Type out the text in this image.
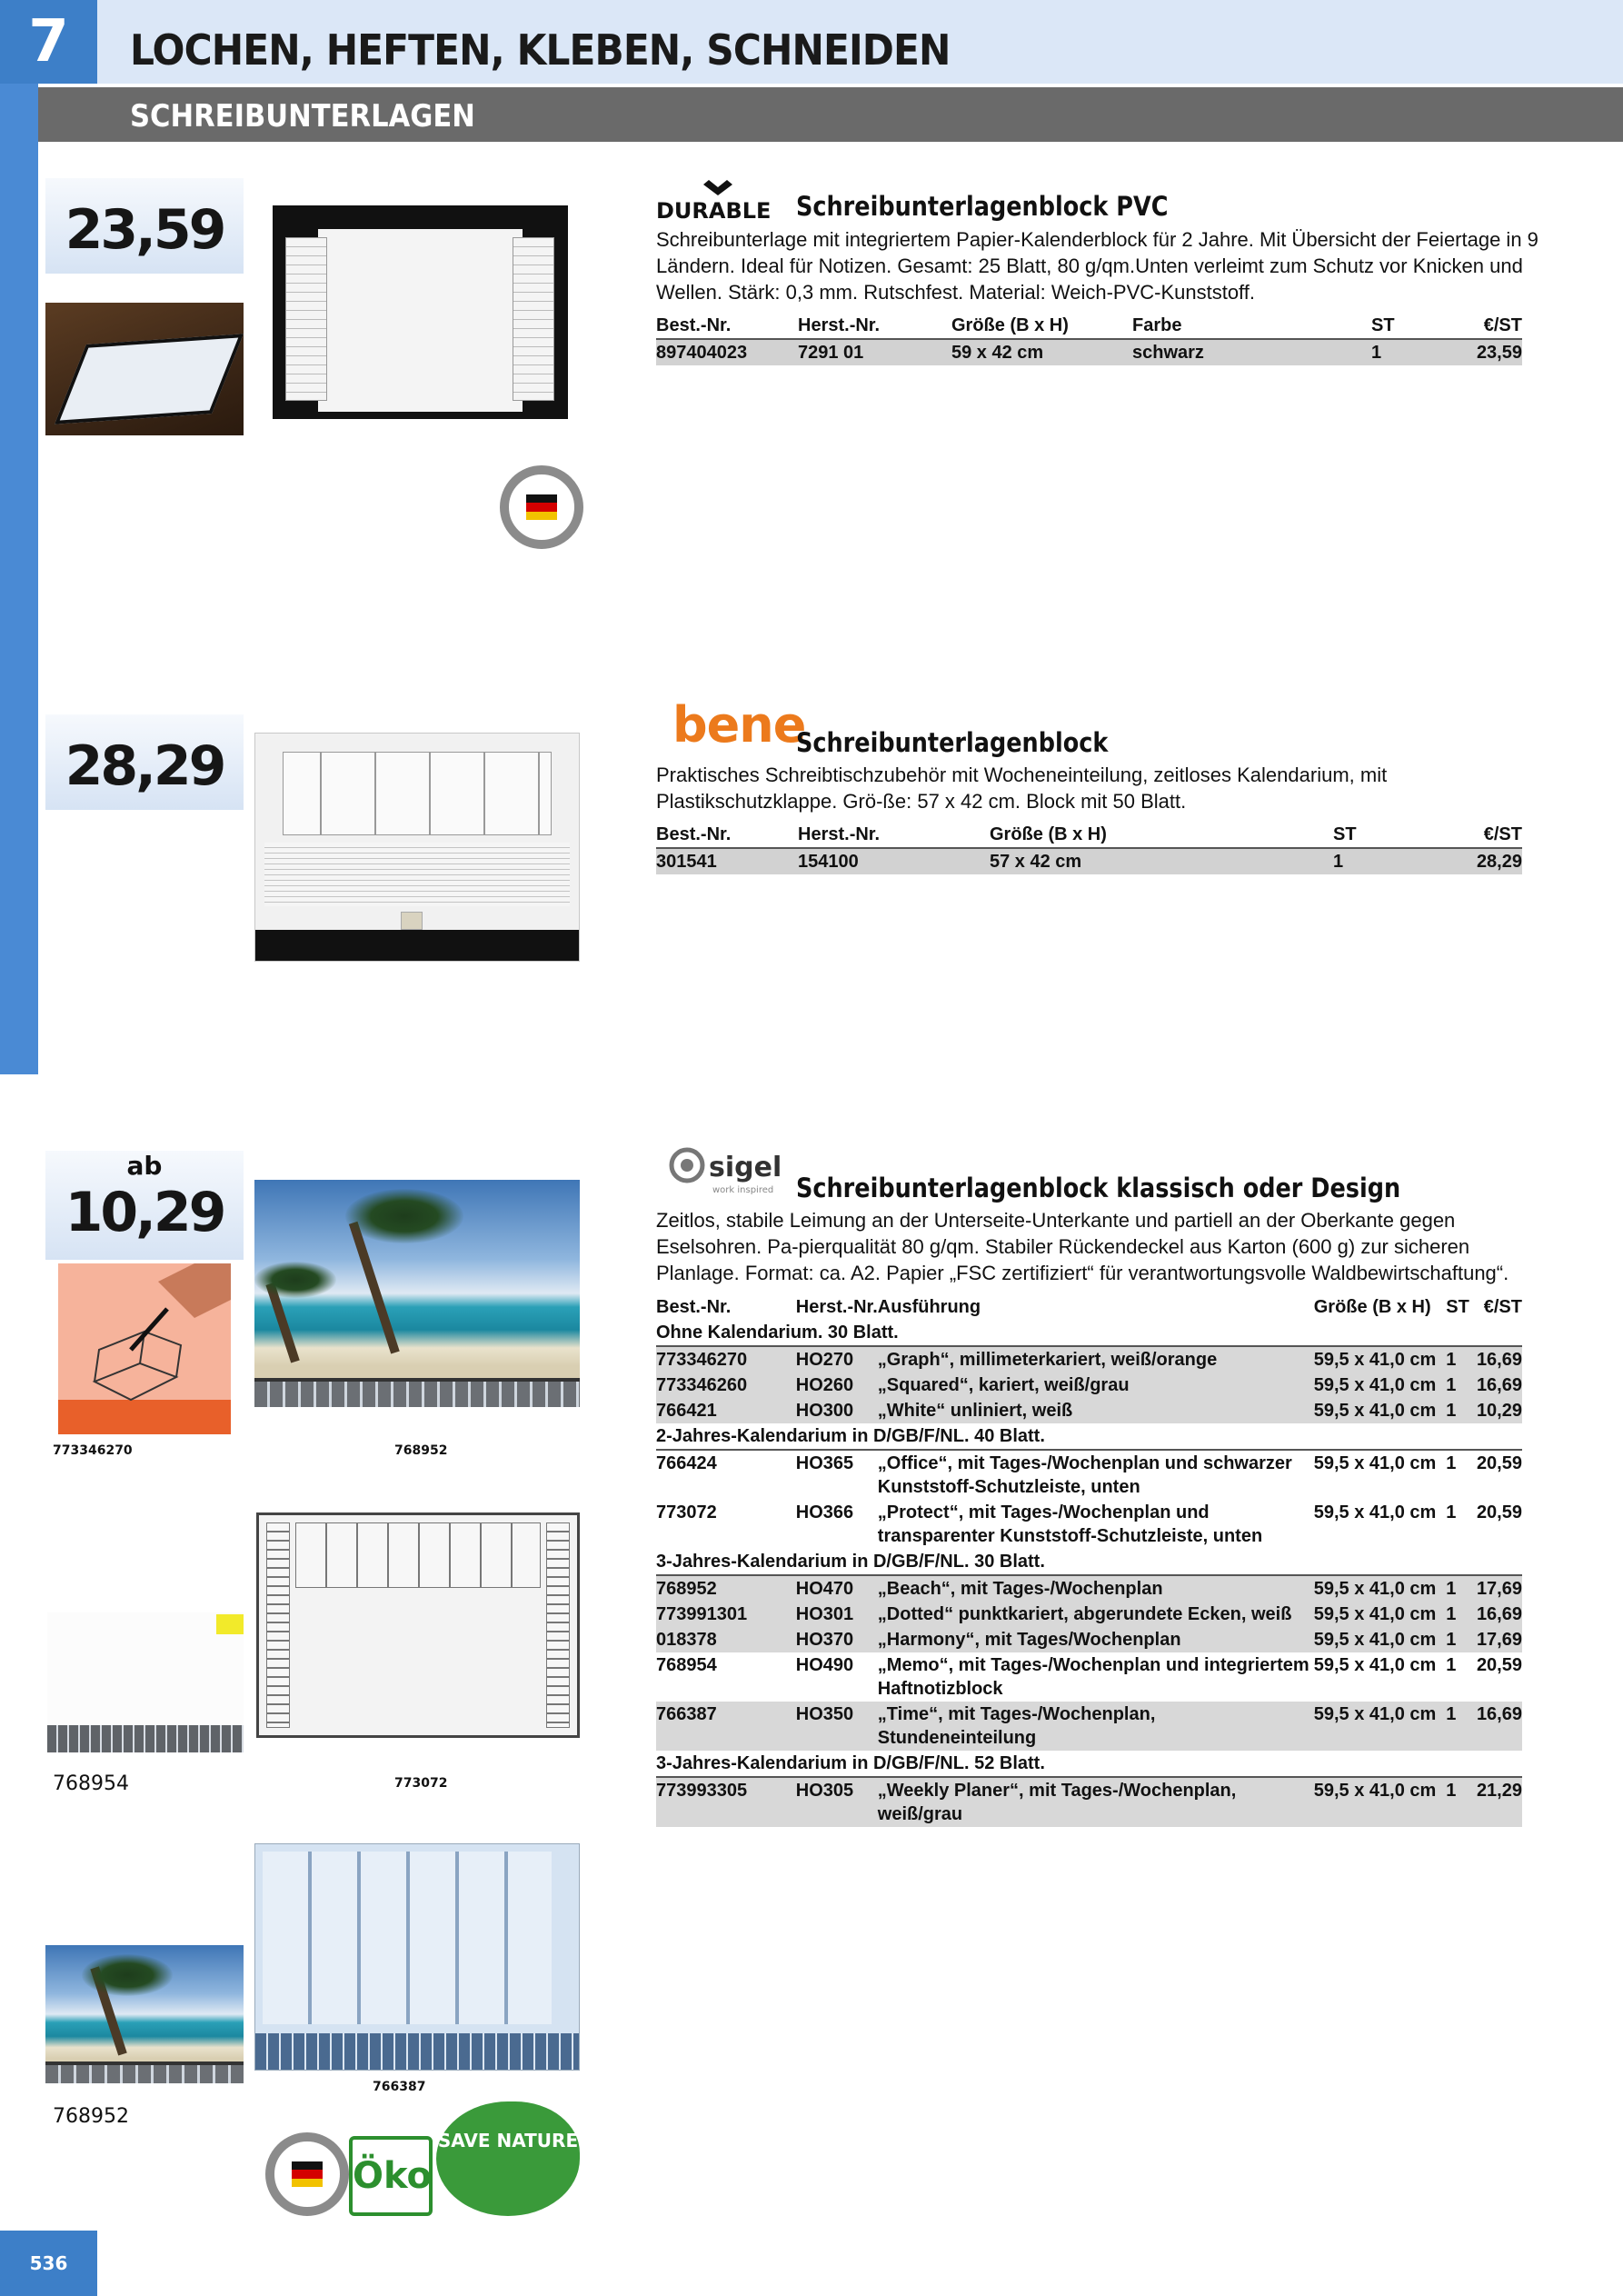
7	LOCHEN, HEFTEN, KLEBEN, SCHNEIDEN
SCHREIBUNTERLAGEN
23,59	DURABLE Schreibunterlagenblock PVC
Schreibunterlage mit integriertem Papier-Kalenderblock für 2 Jahre. Mit Übersicht der Feiertage in 9 Ländern. Ideal für Notizen. Gesamt: 25 Blatt, 80 g/qm.Unten verleimt zum Schutz vor Knicken und Wellen. Stärk: 0,3 mm. Rutschfest. Material: Weich-PVC-Kunststoff.
Best.-Nr.	Herst.-Nr.	Größe (B x H)	Farbe	ST	€/ST
897404023	7291 01	59 x 42 cm	schwarz	1	23,59
28,29
bene
Schreibunterlagenblock
Praktisches Schreibtischzubehör mit Wocheneinteilung, zeitloses Kalendarium, mit Plastikschutzklappe. Grö-ße: 57 x 42 cm. Block mit 50 Blatt.
Best.-Nr.	Herst.-Nr.	Größe (B x H)	ST	€/ST
301541	154100	57 x 42 cm	1	28,29
ab
10,29
773346270	768952
768954	773072
768952
766387
Öko
SAVE NATURE
sigel
work inspired Schreibunterlagenblock klassisch oder Design
Zeitlos, stabile Leimung an der Unterseite-Unterkante und partiell an der Oberkante gegen Eselsohren. Pa-pierqualität 80 g/qm. Stabiler Rückendeckel aus Karton (600 g) zur sicheren Planlage. Format: ca. A2. Papier „FSC zertifiziert“ für verantwortungsvolle Waldbewirtschaftung“.
Best.-Nr.	Herst.-Nr.	Ausführung	Größe (B x H)	ST	€/ST
Ohne Kalendarium. 30 Blatt.					
773346270	HO270	„Graph“, millimeterkariert, weiß/orange	59,5 x 41,0 cm	1	16,69
773346260	HO260	„Squared“, kariert, weiß/grau	59,5 x 41,0 cm	1	16,69
766421	HO300	„White“ unliniert, weiß	59,5 x 41,0 cm	1	10,29
2-Jahres-Kalendarium in D/GB/F/NL. 40 Blatt.					
766424	HO365	„Office“, mit Tages-/Wochenplan und schwarzer Kunststoff-Schutzleiste, unten	59,5 x 41,0 cm	1	20,59
773072	HO366	„Protect“, mit Tages-/Wochenplan und transparenter Kunststoff-Schutzleiste, unten	59,5 x 41,0 cm	1	20,59
3-Jahres-Kalendarium in D/GB/F/NL. 30 Blatt.					
768952	HO470	„Beach“, mit Tages-/Wochenplan	59,5 x 41,0 cm	1	17,69
773991301	HO301	„Dotted“ punktkariert, abgerundete Ecken, weiß	59,5 x 41,0 cm	1	16,69
018378	HO370	„Harmony“, mit Tages/Wochenplan	59,5 x 41,0 cm	1	17,69
768954	HO490	„Memo“, mit Tages-/Wochenplan und integriertem Haftnotizblock	59,5 x 41,0 cm	1	20,59
766387	HO350	„Time“, mit Tages-/Wochenplan, Stundeneinteilung	59,5 x 41,0 cm	1	16,69
3-Jahres-Kalendarium in D/GB/F/NL. 52 Blatt.					
773993305	HO305	„Weekly Planer“, mit Tages-/Wochenplan, weiß/grau	59,5 x 41,0 cm	1	21,29
536
